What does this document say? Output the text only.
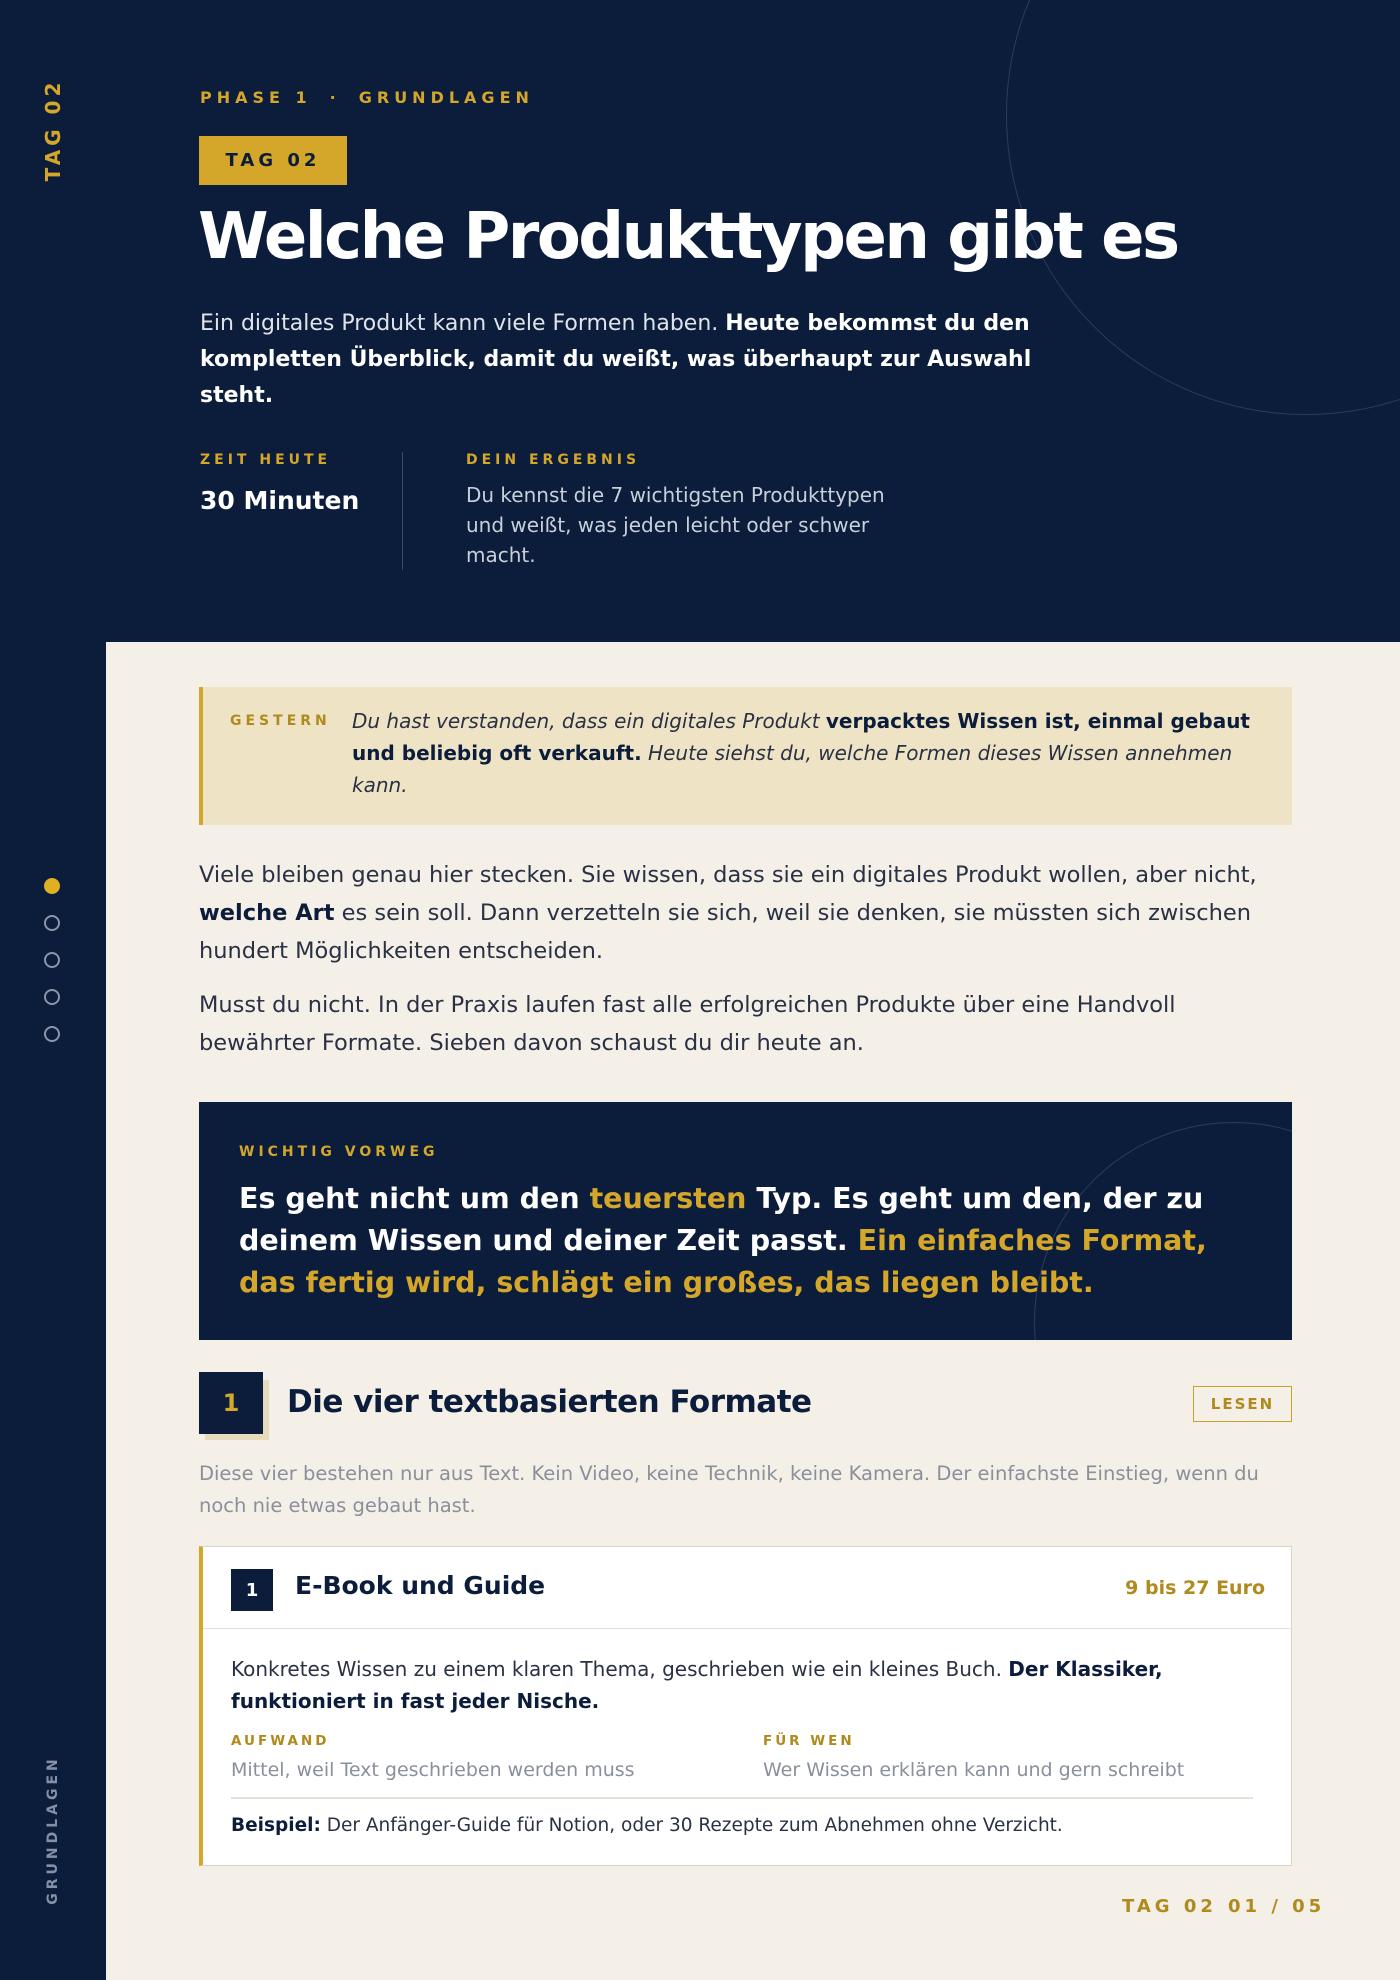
TAG 02
GRUNDLAGEN
PHASE 1 · GRUNDLAGEN
TAG 02
Welche Produkttypen gibt es

Ein digitales Produkt kann viele Formen haben. Heute bekommst du den kompletten Überblick, damit du weißt, was überhaupt zur Auswahl steht.

ZEIT HEUTE
30 Minuten
DEIN ERGEBNIS
Du kennst die 7 wichtigsten Produkttypen und weißt, was jeden leicht oder schwer macht.
GESTERN Du hast verstanden, dass ein digitales Produkt verpacktes Wissen ist, einmal gebaut und beliebig oft verkauft. Heute siehst du, welche Formen dieses Wissen annehmen kann.

Viele bleiben genau hier stecken. Sie wissen, dass sie ein digitales Produkt wollen, aber nicht, welche Art es sein soll. Dann verzetteln sie sich, weil sie denken, sie müssten sich zwischen hundert Möglichkeiten entscheiden.

Musst du nicht. In der Praxis laufen fast alle erfolgreichen Produkte über eine Handvoll bewährter Formate. Sieben davon schaust du dir heute an.

WICHTIG VORWEG
Es geht nicht um den teuersten Typ. Es geht um den, der zu deinem Wissen und deiner Zeit passt. Ein einfaches Format, das fertig wird, schlägt ein großes, das liegen bleibt.
1	Die vier textbasierten Formate	LESEN

Diese vier bestehen nur aus Text. Kein Video, keine Technik, keine Kamera. Der einfachste Einstieg, wenn du noch nie etwas gebaut hast.

1	E-Book und Guide	9 bis 27 Euro

Konkretes Wissen zu einem klaren Thema, geschrieben wie ein kleines Buch. Der Klassiker, funktioniert in fast jeder Nische.

AUFWAND
Mittel, weil Text geschrieben werden muss
FÜR WEN
Wer Wissen erklären kann und gern schreibt
Beispiel: Der Anfänger-Guide für Notion, oder 30 Rezepte zum Abnehmen ohne Verzicht.
TAG 02 01 / 05
